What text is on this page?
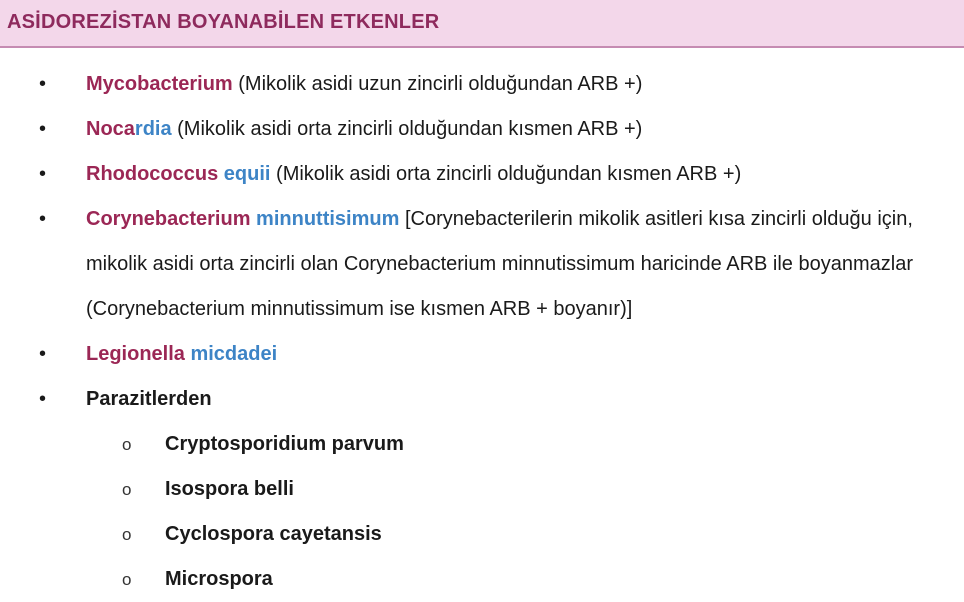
ASİDOREZİSTAN BOYANABİLEN ETKENLER
• Mycobacterium (Mikolik asidi uzun zincirli olduğundan ARB +)
• Nocardia (Mikolik asidi orta zincirli olduğundan kısmen ARB +)
• Rhodococcus equii (Mikolik asidi orta zincirli olduğundan kısmen ARB +)
• Corynebacterium minnuttisimum [Corynebacterilerin mikolik asitleri kısa zincirli olduğu için,
mikolik asidi orta zincirli olan Corynebacterium minnutissimum haricinde ARB ile boyanmazlar
(Corynebacterium minnutissimum ise kısmen ARB + boyanır)]
• Legionella micdadei
• Parazitlerden
o Cryptosporidium parvum
o Isospora belli
o Cyclospora cayetansis
o Microspora
